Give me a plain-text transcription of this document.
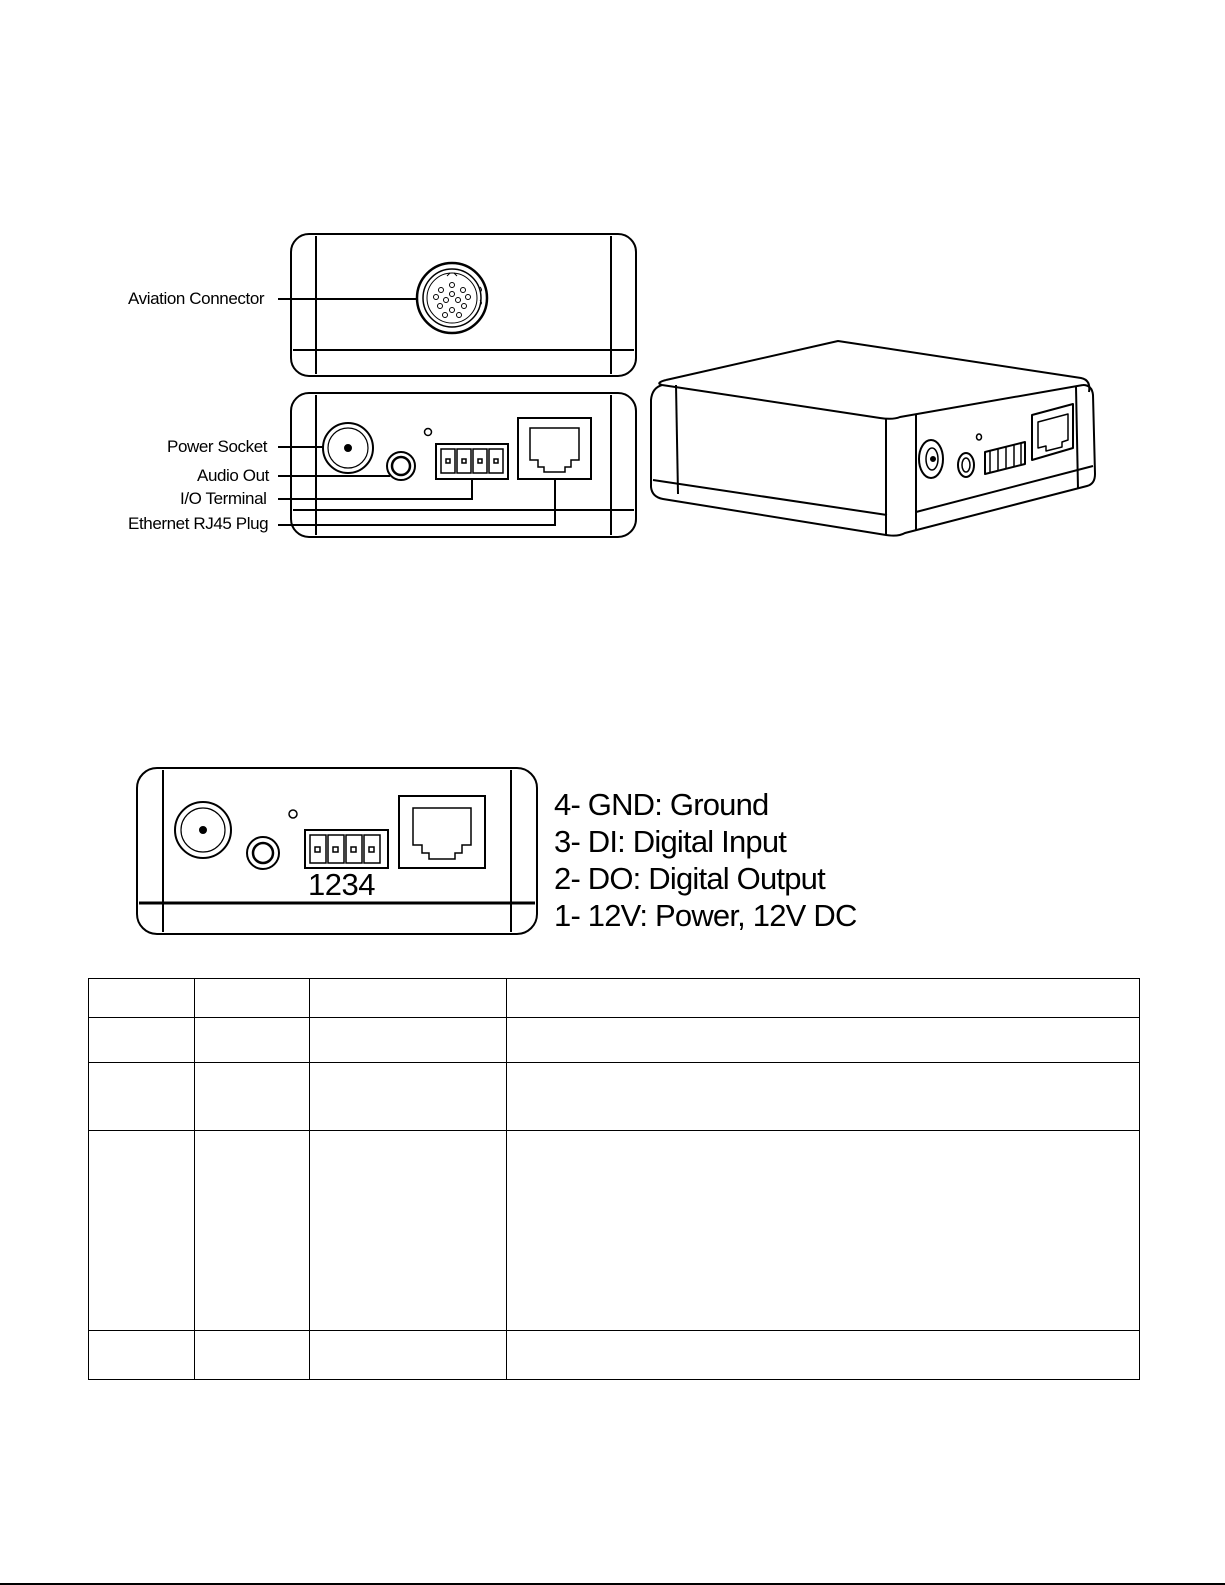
Aviation Connector
Power Socket
Audio Out
I/O Terminal
Ethernet RJ45 Plug
1234
4- GND: Ground
3- DI: Digital Input
2- DO: Digital Output
1- 12V: Power, 12V DC
